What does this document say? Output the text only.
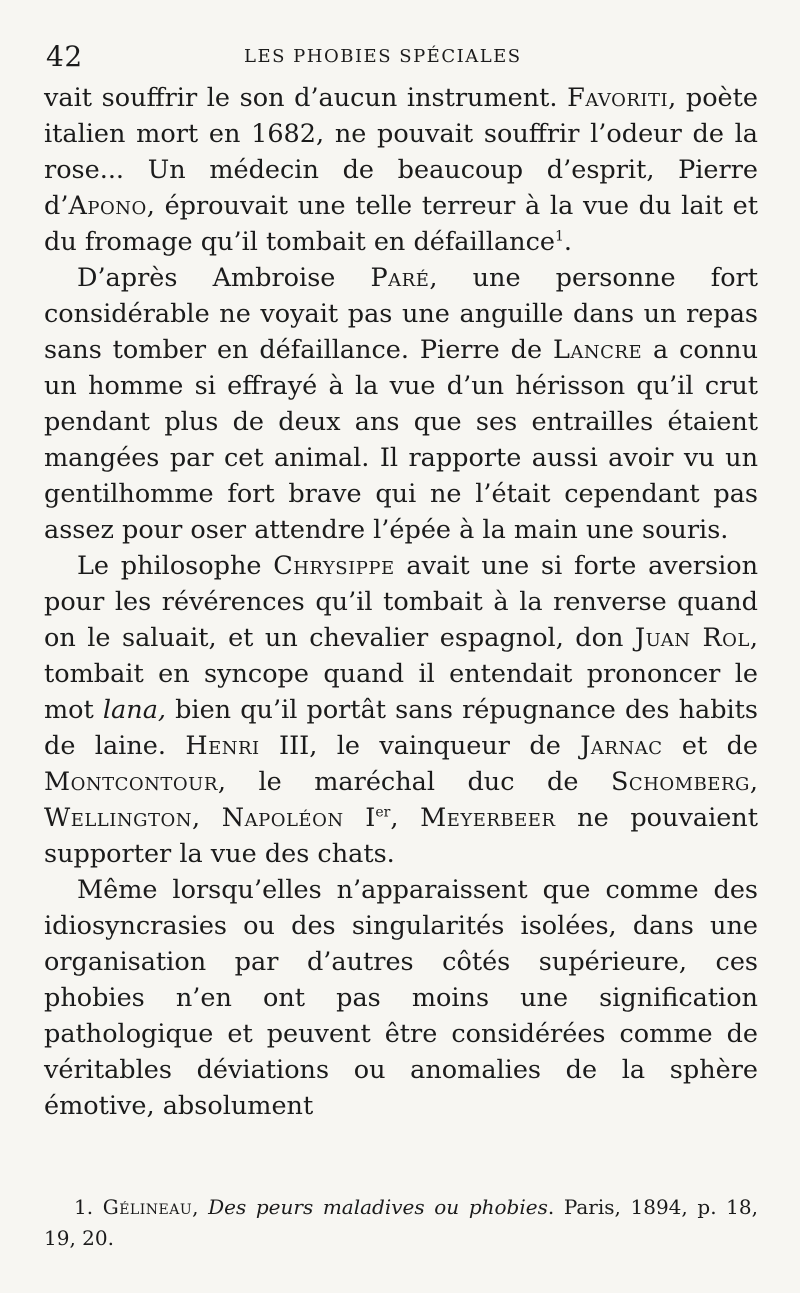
42	LES PHOBIES SPÉCIALES

vait souffrir le son d’aucun instrument. Favoriti, poète italien mort en 1682, ne pouvait souffrir l’odeur de la rose... Un médecin de beaucoup d’esprit, Pierre d’Apono, éprouvait une telle terreur à la vue du lait et du fromage qu’il tombait en défaillance$^1$.

D’après Ambroise Paré, une personne fort considérable ne voyait pas une anguille dans un repas sans tomber en défaillance. Pierre de Lancre a connu un homme si effrayé à la vue d’un hérisson qu’il crut pendant plus de deux ans que ses entrailles étaient mangées par cet animal. Il rapporte aussi avoir vu un gentilhomme fort brave qui ne l’était cependant pas assez pour oser attendre l’épée à la main une souris.

Le philosophe Chrysippe avait une si forte aversion pour les révérences qu’il tombait à la renverse quand on le saluait, et un chevalier espagnol, don Juan Rol, tombait en syncope quand il entendait prononcer le mot lana, bien qu’il portât sans répugnance des habits de laine. Henri III, le vainqueur de Jarnac et de Montcontour, le maréchal duc de Schomberg, Wellington, Napoléon Ier, Meyerbeer ne pouvaient supporter la vue des chats.

Même lorsqu’elles n’apparaissent que comme des idiosyncrasies ou des singularités isolées, dans une organisation par d’autres côtés supérieure, ces phobies n’en ont pas moins une signification pathologique et peuvent être considérées comme de véritables déviations ou anomalies de la sphère émotive, absolument

1. Gélineau, Des peurs maladives ou phobies. Paris, 1894, p. 18, 19, 20.
